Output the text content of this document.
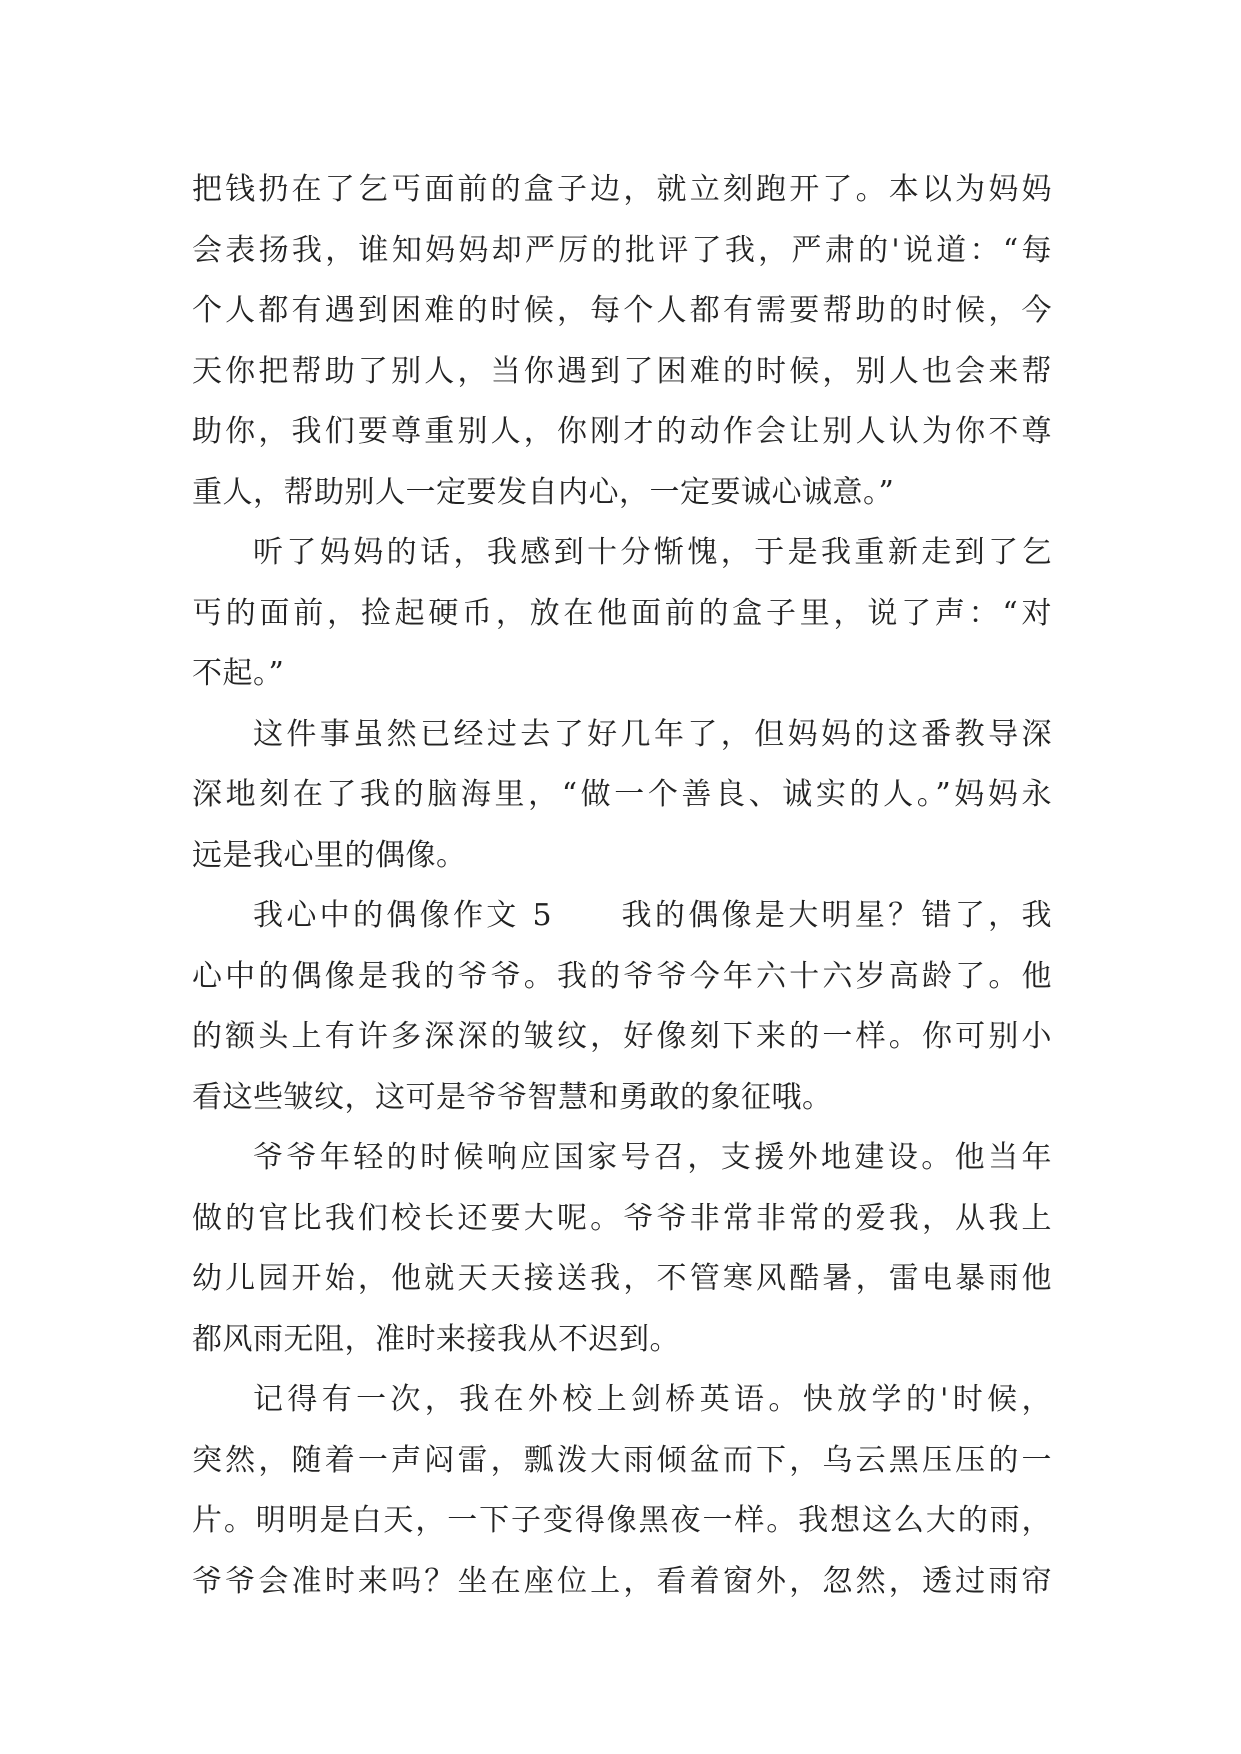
把钱扔在了乞丐面前的盒子边，就立刻跑开了。本以为妈妈
会表扬我，谁知妈妈却严厉的批评了我，严肃的'说道：“每
个人都有遇到困难的时候，每个人都有需要帮助的时候，今
天你把帮助了别人，当你遇到了困难的时候，别人也会来帮
助你，我们要尊重别人，你刚才的动作会让别人认为你不尊
重人，帮助别人一定要发自内心，一定要诚心诚意。”
听了妈妈的话，我感到十分惭愧，于是我重新走到了乞
丐的面前，捡起硬币，放在他面前的盒子里，说了声：“对
不起。”
这件事虽然已经过去了好几年了，但妈妈的这番教导深
深地刻在了我的脑海里，“做一个善良、诚实的人。”妈妈永
远是我心里的偶像。
我心中的偶像作文 5　　我的偶像是大明星？错了，我
心中的偶像是我的爷爷。我的爷爷今年六十六岁高龄了。他
的额头上有许多深深的皱纹，好像刻下来的一样。你可别小
看这些皱纹，这可是爷爷智慧和勇敢的象征哦。
爷爷年轻的时候响应国家号召，支援外地建设。他当年
做的官比我们校长还要大呢。爷爷非常非常的爱我，从我上
幼儿园开始，他就天天接送我，不管寒风酷暑，雷电暴雨他
都风雨无阻，准时来接我从不迟到。
记得有一次，我在外校上剑桥英语。快放学的'时候，
突然，随着一声闷雷，瓢泼大雨倾盆而下，乌云黑压压的一
片。明明是白天，一下子变得像黑夜一样。我想这么大的雨，
爷爷会准时来吗？坐在座位上，看着窗外，忽然，透过雨帘
